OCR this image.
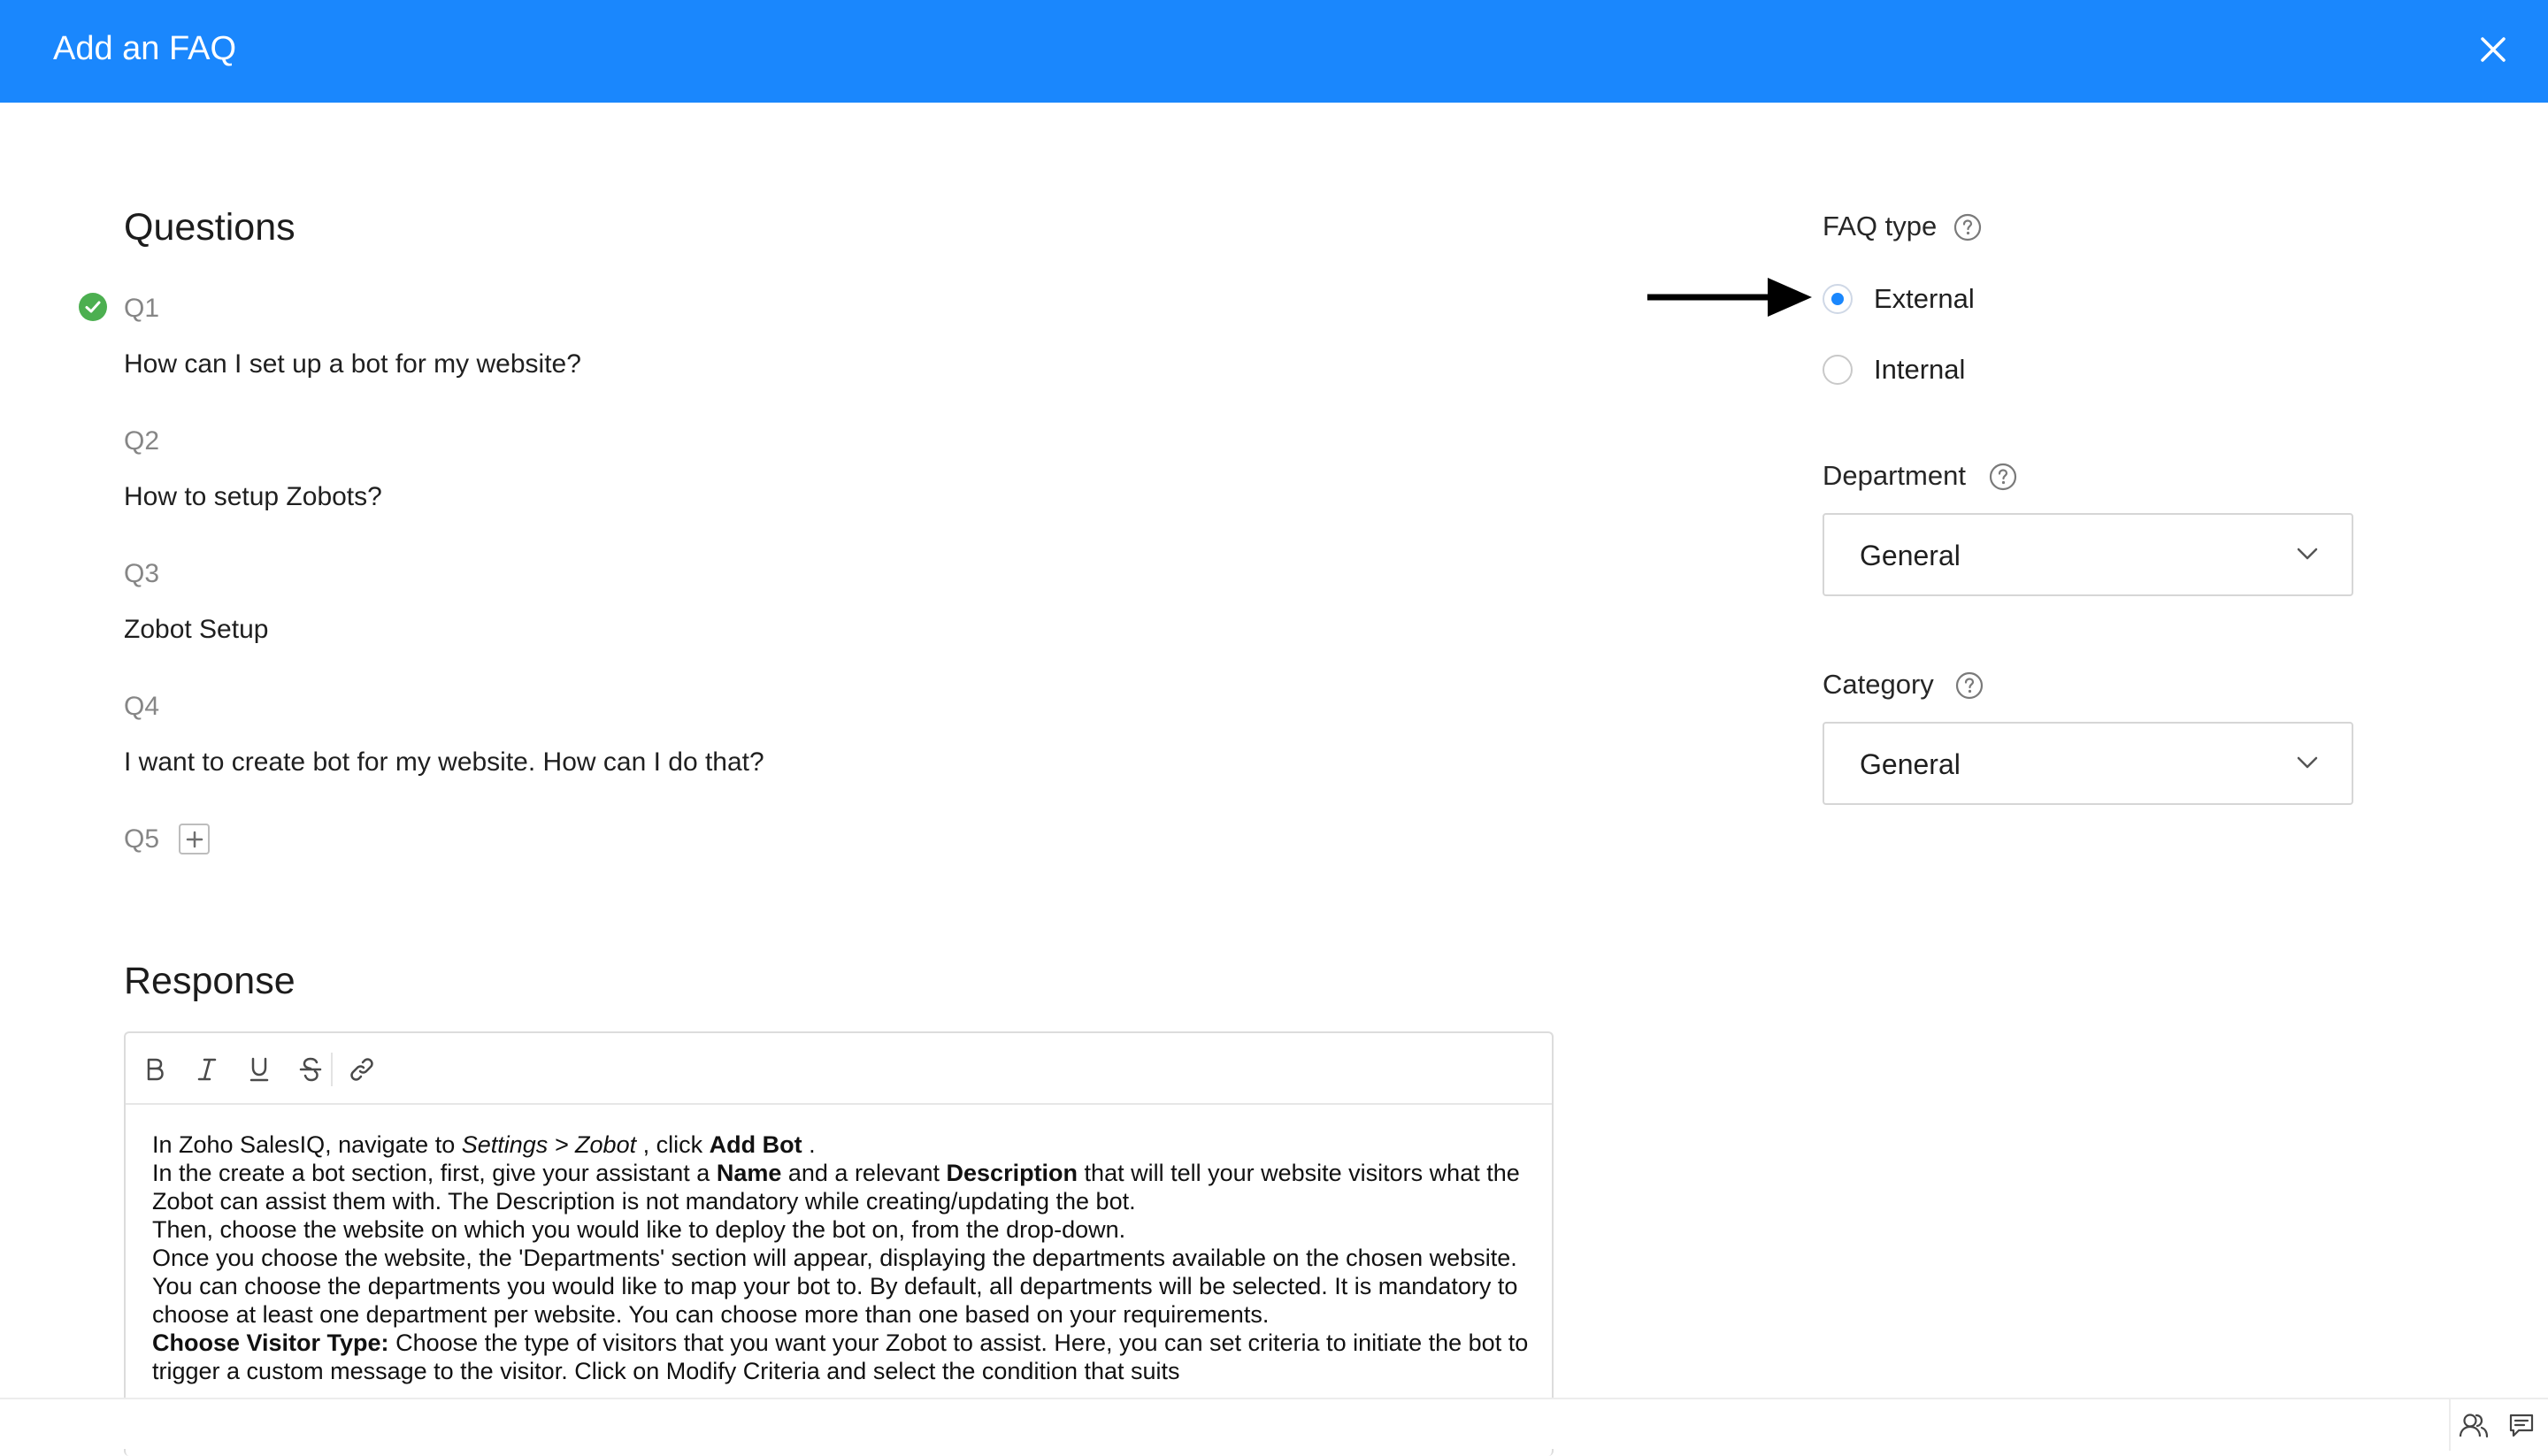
Add an FAQ
Questions
Q1
How can I set up a bot for my website?
Q2
How to setup Zobots?
Q3
Zobot Setup
Q4
I want to create bot for my website. How can I do that?
Q5
Response

In Zoho SalesIQ, navigate to Settings > Zobot , click Add Bot .

In the create a bot section, first, give your assistant a Name and a relevant Description that will tell your website visitors what the Zobot can assist them with. The Description is not mandatory while creating/updating the bot.

Then, choose the website on which you would like to deploy the bot on, from the drop-down.

Once you choose the website, the 'Departments' section will appear, displaying the departments available on the chosen website. You can choose the departments you would like to map your bot to. By default, all departments will be selected. It is mandatory to choose at least one department per website. You can choose more than one based on your requirements.

Choose Visitor Type: Choose the type of visitors that you want your Zobot to assist. Here, you can set criteria to initiate the bot to trigger a custom message to the visitor. Click on Modify Criteria and select the condition that suits

FAQ type
External
Internal
Department
General
Category
General
